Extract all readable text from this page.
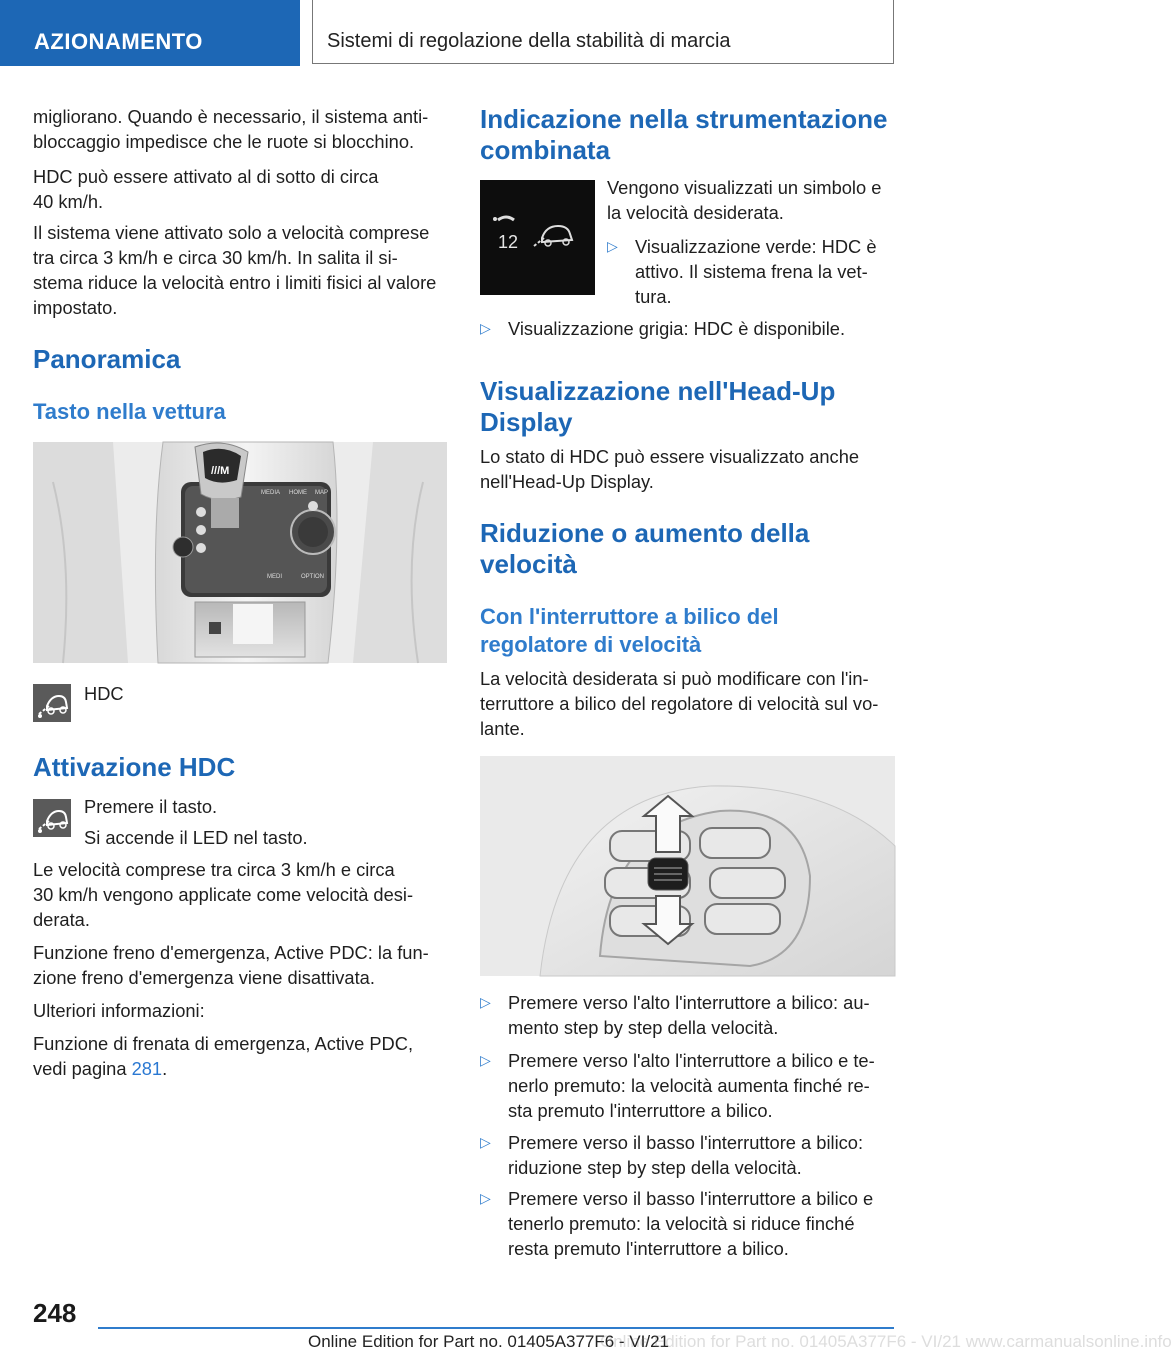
AZIONAMENTO	Sistemi di regolazione della stabilità di marcia

migliorano. Quando è necessario, il sistema anti‐

bloccaggio impedisce che le ruote si blocchino.

HDC può essere attivato al di sotto di circa

40 km/h.

Il sistema viene attivato solo a velocità comprese

tra circa 3 km/h e circa 30 km/h. In salita il si‐

stema riduce la velocità entro i limiti fisici al valore

impostato.

Panoramica
Tasto nella vettura
///M
MEDIA HOME MAP
MEDI	OPTION

HDC

Attivazione HDC

Premere il tasto.

Si accende il LED nel tasto.

Le velocità comprese tra circa 3 km/h e circa

30 km/h vengono applicate come velocità desi‐

derata.

Funzione freno d'emergenza, Active PDC: la fun‐

zione freno d'emergenza viene disattivata.

Ulteriori informazioni:

Funzione di frenata di emergenza, Active PDC,

vedi pagina 281.

Indicazione nella strumentazione
combinata
12

Vengono visualizzati un simbolo e

la velocità desiderata.

▷ Visualizzazione verde: HDC è
attivo. Il sistema frena la vet‐
tura.
▷ Visualizzazione grigia: HDC è disponibile.
Visualizzazione nell'Head-Up
Display

Lo stato di HDC può essere visualizzato anche

nell'Head-Up Display.

Riduzione o aumento della
velocità
Con l'interruttore a bilico del
regolatore di velocità

La velocità desiderata si può modificare con l'in‐

terruttore a bilico del regolatore di velocità sul vo‐

lante.

▷ Premere verso l'alto l'interruttore a bilico: au‐
mento step by step della velocità.
▷ Premere verso l'alto l'interruttore a bilico e te‐
nerlo premuto: la velocità aumenta finché re‐
sta premuto l'interruttore a bilico.
▷ Premere verso il basso l'interruttore a bilico:
riduzione step by step della velocità.
▷ Premere verso il basso l'interruttore a bilico e
tenerlo premuto: la velocità si riduce finché
resta premuto l'interruttore a bilico.
248
Online Edition for Part no. 01405A377F6 - VI/21
Online Edition for Part no. 01405A377F6 - VI/21 www.carmanualsonline.info
